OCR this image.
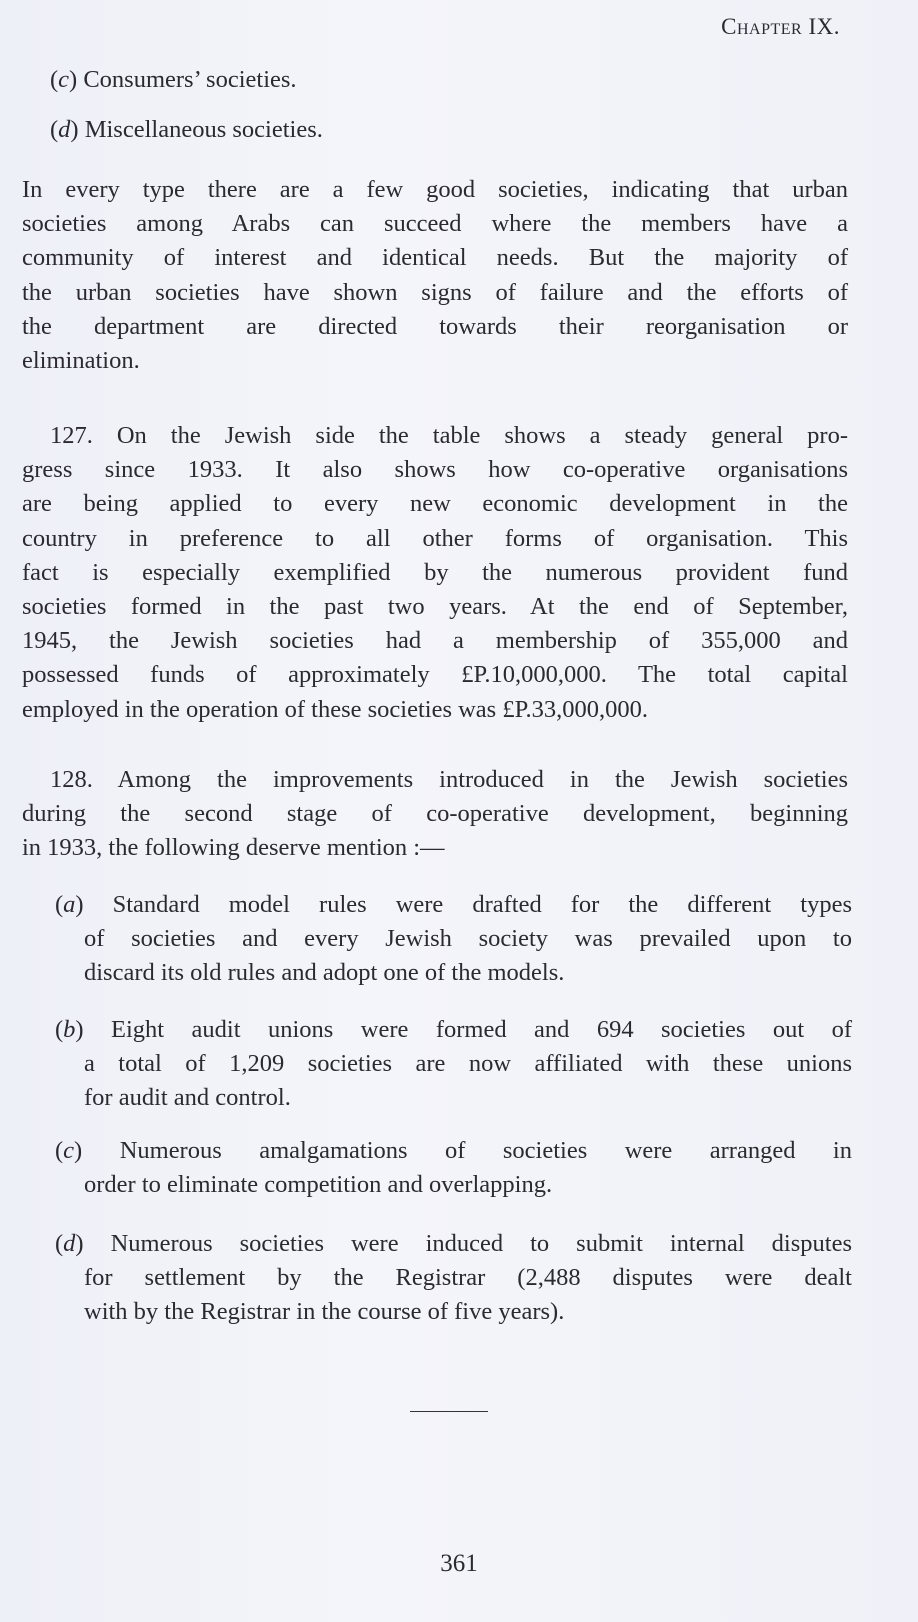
Chapter IX.
(c) Consumers’ societies.
(d) Miscellaneous societies.
In every type there are a few good societies, indicating that urban
societies among Arabs can succeed where the members have a
community of interest and identical needs. But the majority of
the urban societies have shown signs of failure and the efforts of
the department are directed towards their reorganisation or
elimination.
127. On the Jewish side the table shows a steady general pro-
gress since 1933. It also shows how co-operative organisations
are being applied to every new economic development in the
country in preference to all other forms of organisation. This
fact is especially exemplified by the numerous provident fund
societies formed in the past two years. At the end of September,
1945, the Jewish societies had a membership of 355,000 and
possessed funds of approximately £P.10,000,000. The total capital
employed in the operation of these societies was £P.33,000,000.
128. Among the improvements introduced in the Jewish societies
during the second stage of co-operative development, beginning
in 1933, the following deserve mention :—
(a) Standard model rules were drafted for the different types
of societies and every Jewish society was prevailed upon to
discard its old rules and adopt one of the models.
(b) Eight audit unions were formed and 694 societies out of
a total of 1,209 societies are now affiliated with these unions
for audit and control.
(c) Numerous amalgamations of societies were arranged in
order to eliminate competition and overlapping.
(d) Numerous societies were induced to submit internal disputes
for settlement by the Registrar (2,488 disputes were dealt
with by the Registrar in the course of five years).
361
